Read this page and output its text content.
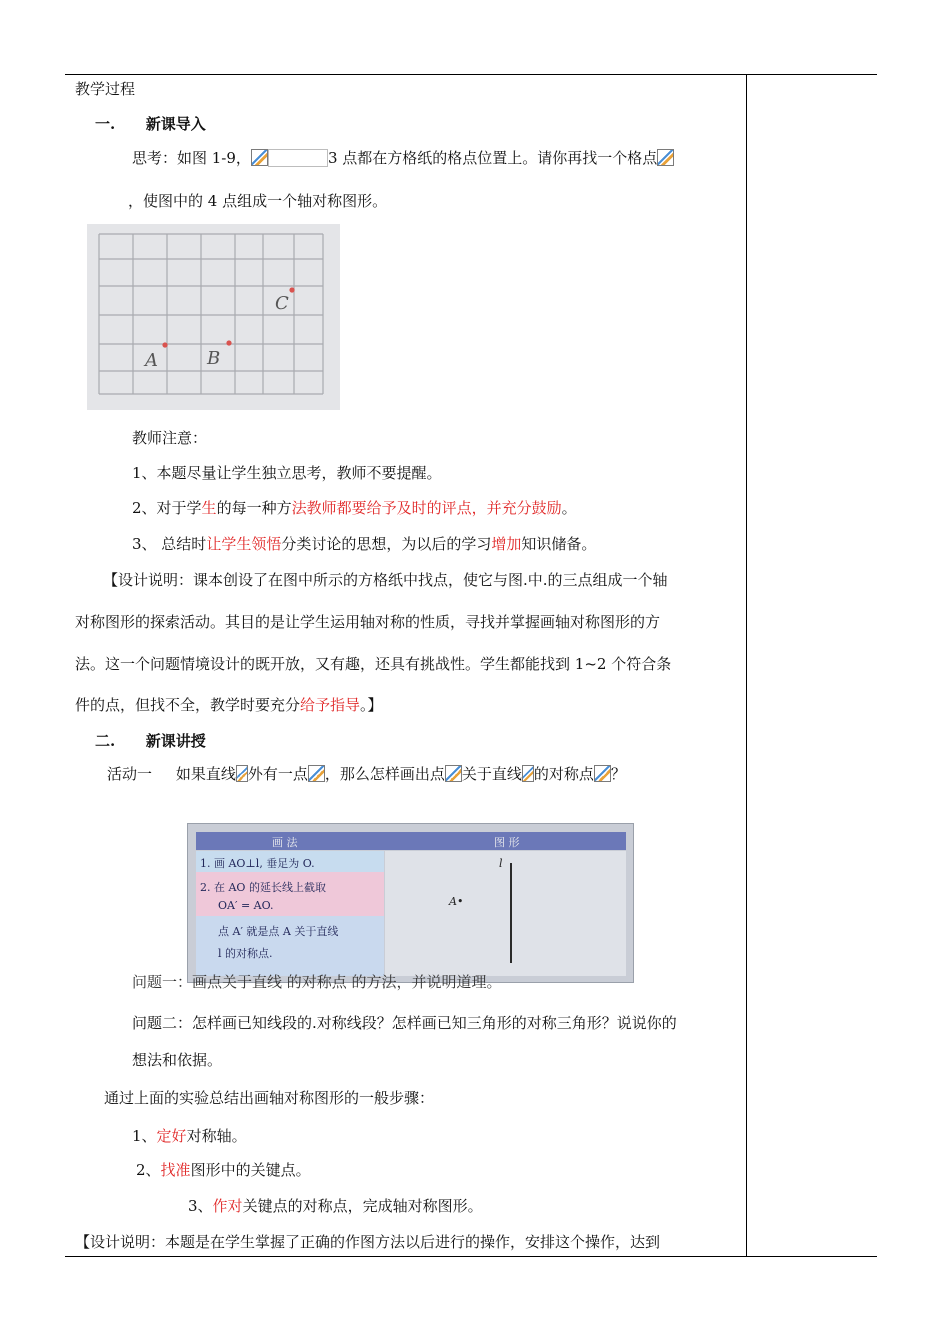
教学过程
一. 新课导入
思考：如图 1-9，	3 点都在方格纸的格点位置上。请你再找一个格点
，使图中的 4 点组成一个轴对称图形。
A	B
C
教师注意：
1、本题尽量让学生独立思考，教师不要提醒。
2、对于学生的每一种方法教师都要给予及时的评点，并充分鼓励。
3、 总结时让学生领悟分类讨论的思想，为以后的学习增加知识储备。
【设计说明：课本创设了在图中所示的方格纸中找点，使它与图.中.的三点组成一个轴
对称图形的探索活动。其目的是让学生运用轴对称的性质，寻找并掌握画轴对称图形的方
法。这一个问题情境设计的既开放，又有趣，还具有挑战性。学生都能找到 1~2 个符合条
件的点，但找不全，教学时要充分给予指导。】
二. 新课讲授
活动一     如果直线 外有一点 ，那么怎样画出点 关于直线 的对称点 ？
画 法	图 形
1. 画 AO⊥l, 垂足为 O.
2. 在 AO 的延长线上截取
OA′ = AO.
点 A′ 就是点 A 关于直线
l 的对称点.
l
A•
问题一：画点关于直线 的对称点 的方法，并说明道理。
问题二：怎样画已知线段的.对称线段？怎样画已知三角形的对称三角形？说说你的
想法和依据。
通过上面的实验总结出画轴对称图形的一般步骤：
1、定好对称轴。
2、找准图形中的关键点。
3、作对关键点的对称点，完成轴对称图形。
【设计说明：本题是在学生掌握了正确的作图方法以后进行的操作，安排这个操作，达到
